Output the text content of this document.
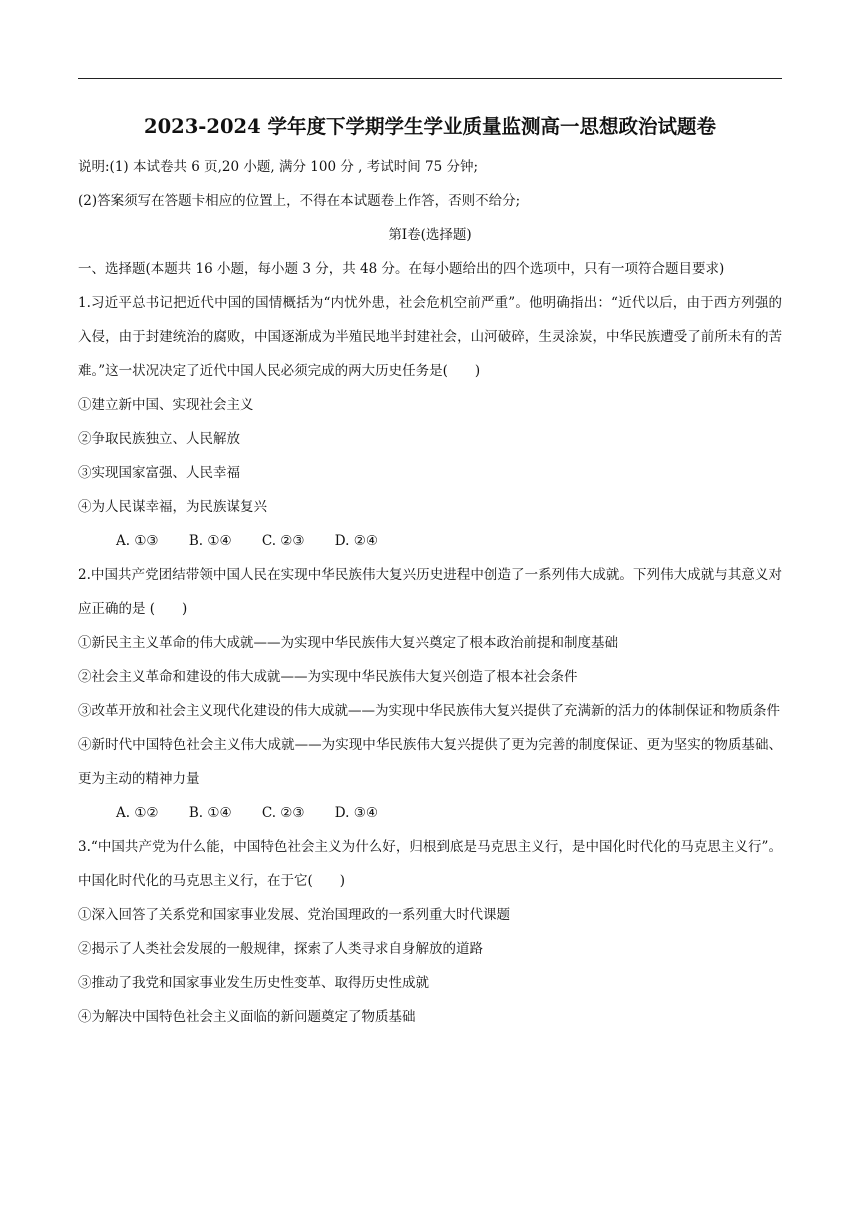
2023-2024 学年度下学期学生学业质量监测高一思想政治试题卷
说明:(1) 本试卷共 6 页,20 小题, 满分 100 分 , 考试时间 75 分钟;
(2)答案须写在答题卡相应的位置上，不得在本试题卷上作答，否则不给分;
第Ⅰ卷(选择题)
一、选择题(本题共 16 小题，每小题 3 分，共 48 分。在每小题给出的四个选项中，只有一项符合题目要求)
1.习近平总书记把近代中国的国情概括为“内忧外患，社会危机空前严重”。他明确指出：“近代以后，由于西方列强的入侵，由于封建统治的腐败，中国逐渐成为半殖民地半封建社会，山河破碎，生灵涂炭，中华民族遭受了前所未有的苦难。”这一状况决定了近代中国人民必须完成的两大历史任务是(　　)
①建立新中国、实现社会主义
②争取民族独立、人民解放
③实现国家富强、人民幸福
④为人民谋幸福，为民族谋复兴
A. ①③ B. ①④ C. ②③ D. ②④
2.中国共产党团结带领中国人民在实现中华民族伟大复兴历史进程中创造了一系列伟大成就。下列伟大成就与其意义对应正确的是 (　　)
①新民主主义革命的伟大成就——为实现中华民族伟大复兴奠定了根本政治前提和制度基础
②社会主义革命和建设的伟大成就——为实现中华民族伟大复兴创造了根本社会条件
③改革开放和社会主义现代化建设的伟大成就——为实现中华民族伟大复兴提供了充满新的活力的体制保证和物质条件
④新时代中国特色社会主义伟大成就——为实现中华民族伟大复兴提供了更为完善的制度保证、更为坚实的物质基础、更为主动的精神力量
A. ①② B. ①④ C. ②③ D. ③④
3.“中国共产党为什么能，中国特色社会主义为什么好，归根到底是马克思主义行，是中国化时代化的马克思主义行”。中国化时代化的马克思主义行，在于它(　　)
①深入回答了关系党和国家事业发展、党治国理政的一系列重大时代课题
②揭示了人类社会发展的一般规律，探索了人类寻求自身解放的道路
③推动了我党和国家事业发生历史性变革、取得历史性成就
④为解决中国特色社会主义面临的新问题奠定了物质基础
